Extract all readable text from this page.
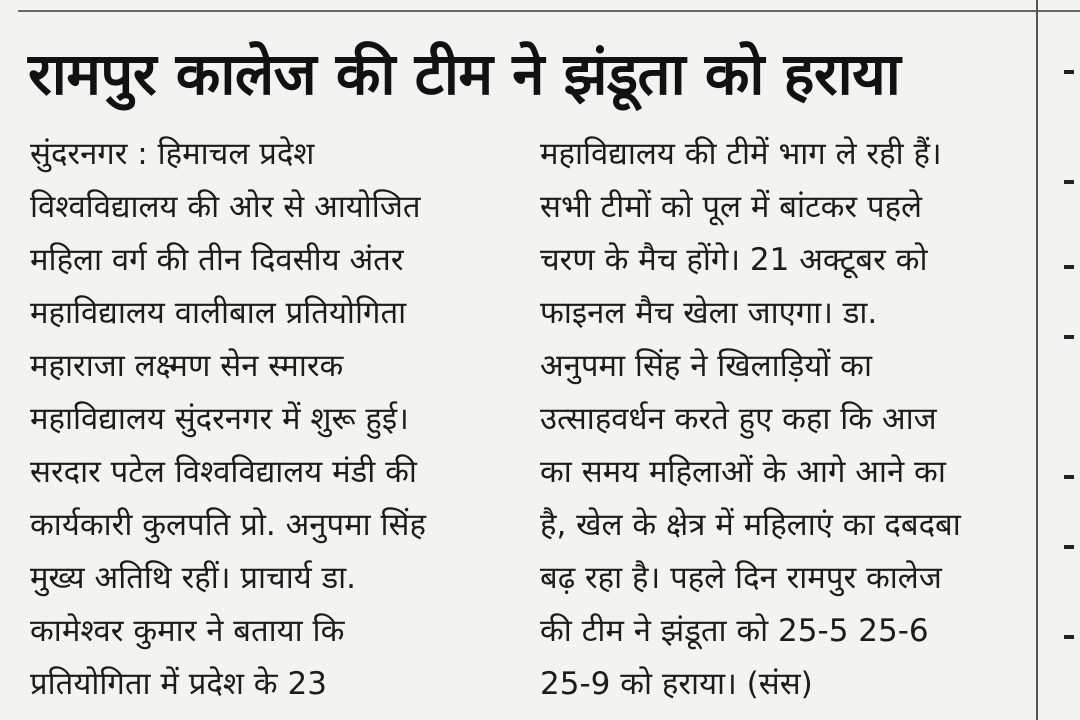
रामपुर कालेज की टीम ने झंडूता को हराया
सुंदरनगर : हिमाचल प्रदेश
विश्वविद्यालय की ओर से आयोजित
महिला वर्ग की तीन दिवसीय अंतर
महाविद्यालय वालीबाल प्रतियोगिता
महाराजा लक्ष्मण सेन स्मारक
महाविद्यालय सुंदरनगर में शुरू हुई।
सरदार पटेल विश्वविद्यालय मंडी की
कार्यकारी कुलपति प्रो. अनुपमा सिंह
मुख्य अतिथि रहीं। प्राचार्य डा.
कामेश्वर कुमार ने बताया कि
प्रतियोगिता में प्रदेश के 23
महाविद्यालय की टीमें भाग ले रही हैं।
सभी टीमों को पूल में बांटकर पहले
चरण के मैच होंगे। 21 अक्टूबर को
फाइनल मैच खेला जाएगा। डा.
अनुपमा सिंह ने खिलाड़ियों का
उत्साहवर्धन करते हुए कहा कि आज
का समय महिलाओं के आगे आने का
है, खेल के क्षेत्र में महिलाएं का दबदबा
बढ़ रहा है। पहले दिन रामपुर कालेज
की टीम ने झंडूता को 25-5 25-6
25-9 को हराया। (संस)
